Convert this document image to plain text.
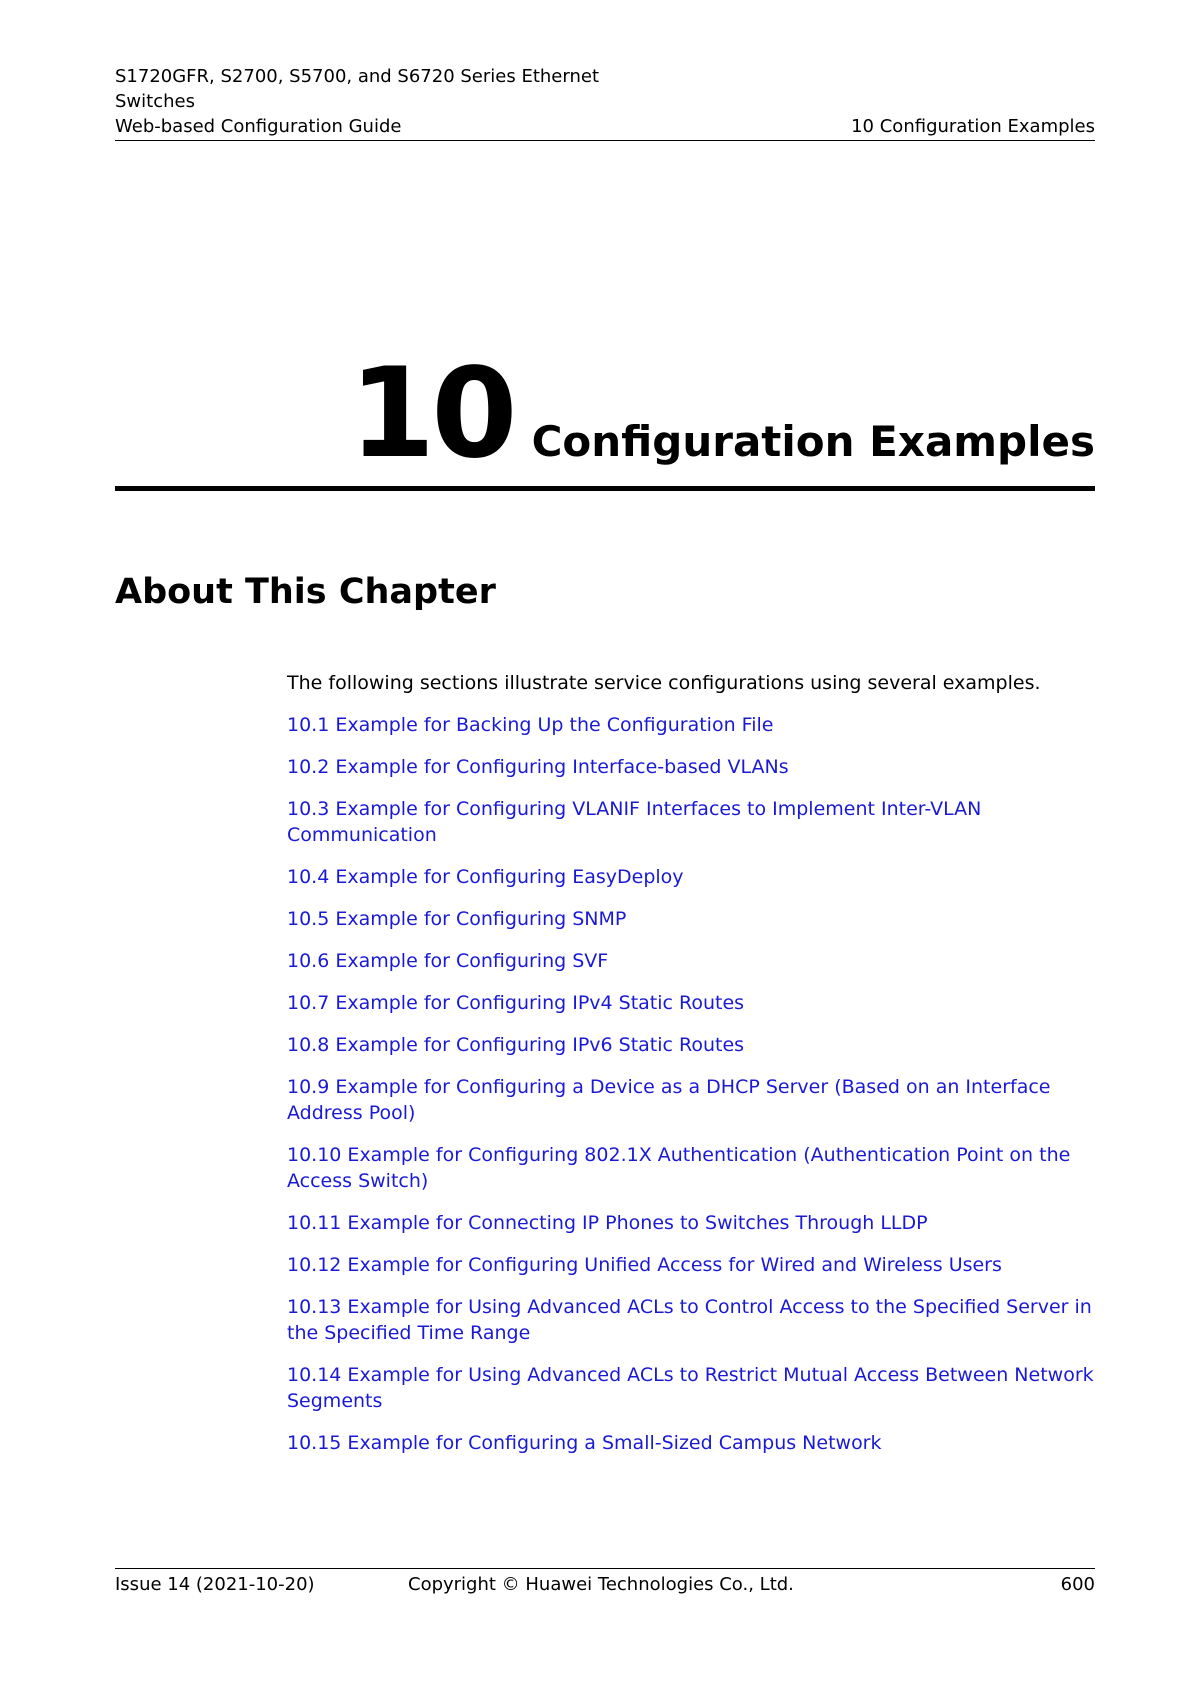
S1720GFR, S2700, S5700, and S6720 Series Ethernet
Switches
Web-based Configuration Guide	10 Configuration Examples
10 Configuration Examples
About This Chapter

The following sections illustrate service configurations using several examples.

10.1 Example for Backing Up the Configuration File
10.2 Example for Configuring Interface-based VLANs
10.3 Example for Configuring VLANIF Interfaces to Implement Inter-VLAN Communication
10.4 Example for Configuring EasyDeploy
10.5 Example for Configuring SNMP
10.6 Example for Configuring SVF
10.7 Example for Configuring IPv4 Static Routes
10.8 Example for Configuring IPv6 Static Routes
10.9 Example for Configuring a Device as a DHCP Server (Based on an Interface Address Pool)
10.10 Example for Configuring 802.1X Authentication (Authentication Point on the Access Switch)
10.11 Example for Connecting IP Phones to Switches Through LLDP
10.12 Example for Configuring Unified Access for Wired and Wireless Users
10.13 Example for Using Advanced ACLs to Control Access to the Specified Server in the Specified Time Range
10.14 Example for Using Advanced ACLs to Restrict Mutual Access Between Network Segments
10.15 Example for Configuring a Small-Sized Campus Network
Issue 14 (2021-10-20)	Copyright © Huawei Technologies Co., Ltd.	600
